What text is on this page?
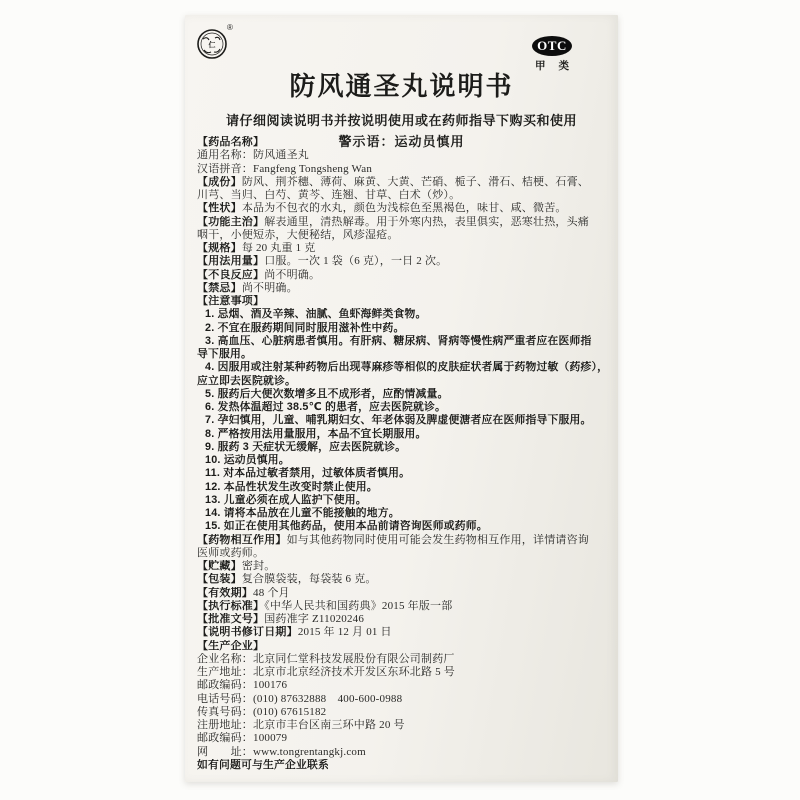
仁
®
OTC
甲 类
防风通圣丸说明书
请仔细阅读说明书并按说明使用或在药师指导下购买和使用
警示语：运动员慎用
【药品名称】
通用名称：防风通圣丸
汉语拼音：Fangfeng Tongsheng Wan
【成份】防风、荆芥穗、薄荷、麻黄、大黄、芒硝、栀子、滑石、桔梗、石膏、
川芎、当归、白芍、黄芩、连翘、甘草、白术（炒）。
【性状】本品为不包衣的水丸，颜色为浅棕色至黑褐色，味甘、咸、微苦。
【功能主治】解表通里，清热解毒。用于外寒内热，表里俱实，恶寒壮热，头痛
咽干，小便短赤，大便秘结，风疹湿疮。
【规格】每 20 丸重 1 克
【用法用量】口服。一次 1 袋（6 克），一日 2 次。
【不良反应】尚不明确。
【禁忌】尚不明确。
【注意事项】
1. 忌烟、酒及辛辣、油腻、鱼虾海鲜类食物。
2. 不宜在服药期间同时服用滋补性中药。
3. 高血压、心脏病患者慎用。有肝病、糖尿病、肾病等慢性病严重者应在医师指
导下服用。
4. 因服用或注射某种药物后出现荨麻疹等相似的皮肤症状者属于药物过敏（药疹），
应立即去医院就诊。
5. 服药后大便次数增多且不成形者，应酌情减量。
6. 发热体温超过 38.5℃ 的患者，应去医院就诊。
7. 孕妇慎用，儿童、哺乳期妇女、年老体弱及脾虚便溏者应在医师指导下服用。
8. 严格按用法用量服用，本品不宜长期服用。
9. 服药 3 天症状无缓解，应去医院就诊。
10. 运动员慎用。
11. 对本品过敏者禁用，过敏体质者慎用。
12. 本品性状发生改变时禁止使用。
13. 儿童必须在成人监护下使用。
14. 请将本品放在儿童不能接触的地方。
15. 如正在使用其他药品，使用本品前请咨询医师或药师。
【药物相互作用】如与其他药物同时使用可能会发生药物相互作用，详情请咨询
医师或药师。
【贮藏】密封。
【包装】复合膜袋装，每袋装 6 克。
【有效期】48 个月
【执行标准】《中华人民共和国药典》2015 年版一部
【批准文号】国药准字 Z11020246
【说明书修订日期】2015 年 12 月 01 日
【生产企业】
企业名称：北京同仁堂科技发展股份有限公司制药厂
生产地址：北京市北京经济技术开发区东环北路 5 号
邮政编码：100176
电话号码：(010) 87632888　400-600-0988
传真号码：(010) 67615182
注册地址：北京市丰台区南三环中路 20 号
邮政编码：100079
网　　址：www.tongrentangkj.com
如有问题可与生产企业联系
